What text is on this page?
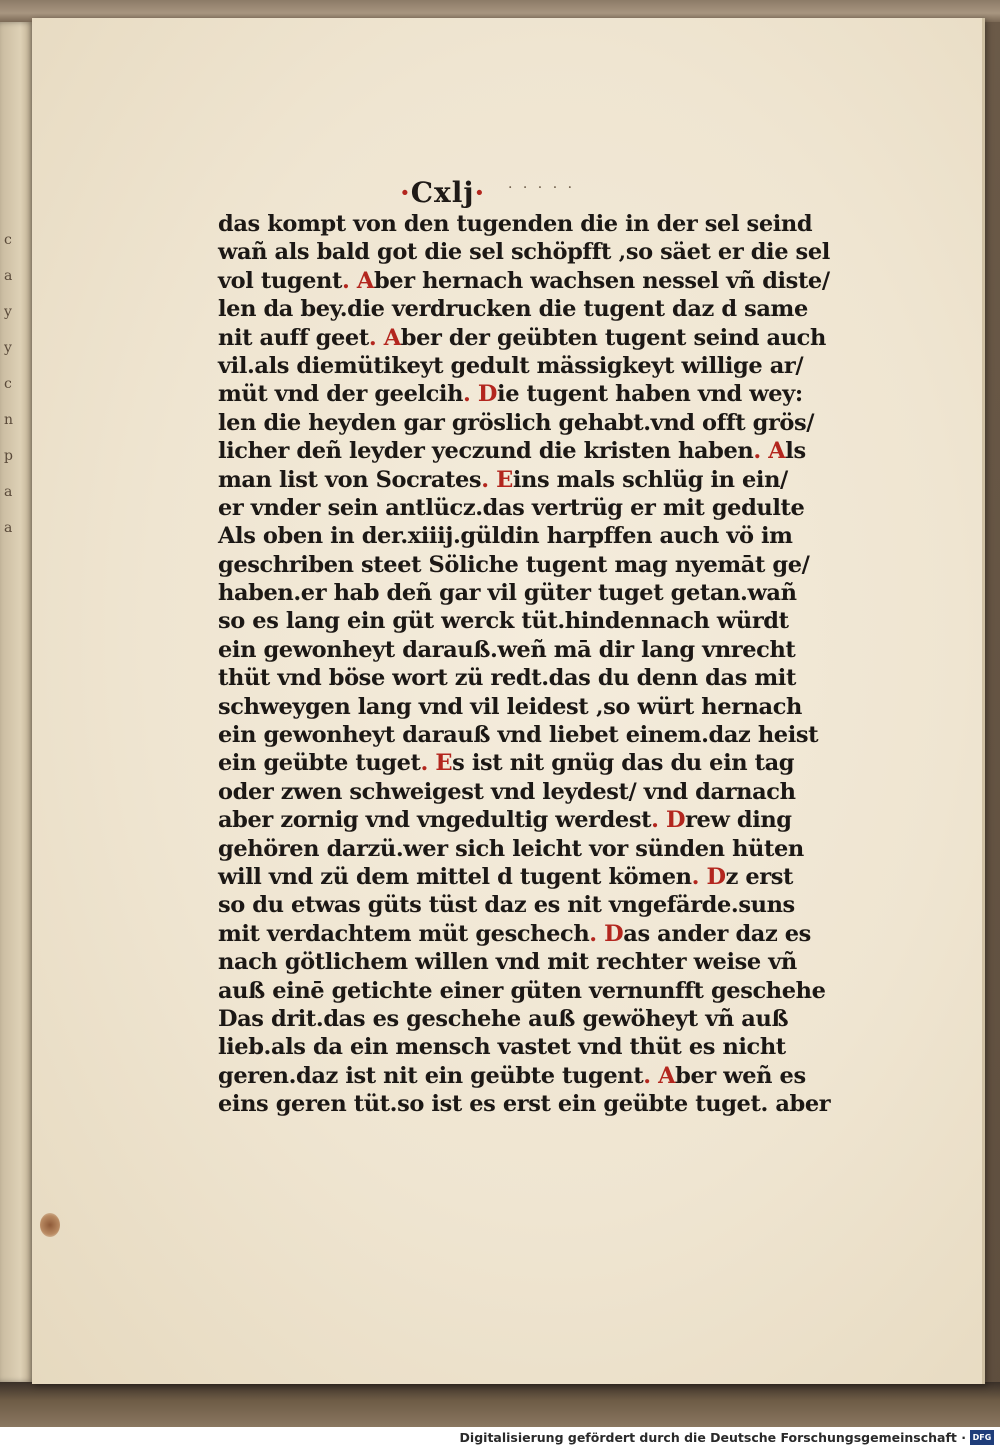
c
a
y
y
c
n
p
a
a
·Cxlj· · · · · ·
das kompt von den tugenden die in der sel seind
wañ als bald got die sel schöpfft ‚so säet er die sel
vol tugent. Aber hernach wachsen nessel vñ diste/
len da bey.die verdrucken die tugent daz d same
nit auff geet. Aber der geübten tugent seind auch
vil.als diemütikeyt gedult mässigkeyt willige ar/
müt vnd der geelcih. Die tugent haben vnd wey:
len die heyden gar gröslich gehabt.vnd offt grös/
licher deñ leyder yeczund die kristen haben. A
man list von Socrates. Eins mals schlüg in ein/
er vnder sein antlücz.das vertrüg er mit gedulte
Als oben in der.xiiij.güldin harpffen auch vö im
geschriben steet Söliche tugent mag nyemāt ge/
haben.er hab deñ gar vil güter tuget getan.wañ
so es lang ein güt werck tüt.hindennach würdt
ein gewonheyt darauß.weñ mā dir lang vnrecht
thüt vnd böse wort zü redt.das du denn das mit
schweygen lang vnd vil leidest ‚so würt hernach
ein gewonheyt darauß vnd liebet einem.daz heist
ein geübte tuget. Es ist nit gnüg das du ein tag
oder zwen schweigest vnd leydest/ vnd darnach
aber zornig vnd vngedultig werdest. Drew ding
gehören darzü.wer sich leicht vor sünden hüten
will vnd zü dem mittel d tugent kömen. Dz erst
so du etwas güts tüst daz es nit vngefärde.suns
mit verdachtem müt geschech. Das ander daz es
nach götlichem willen vnd mit rechter weise vñ
auß einē getichte einer güten vernunfft geschehe
Das drit.das es geschehe auß gewöheyt vñ auß
lieb.als da ein mensch vastet vnd thüt es nicht
geren.daz ist nit ein geübte tugent. Aber weñ es
eins geren tüt.so ist es erst ein geübte tuget. aber
Digitalisierung gefördert durch die Deutsche Forschungsgemeinschaft · DFG
